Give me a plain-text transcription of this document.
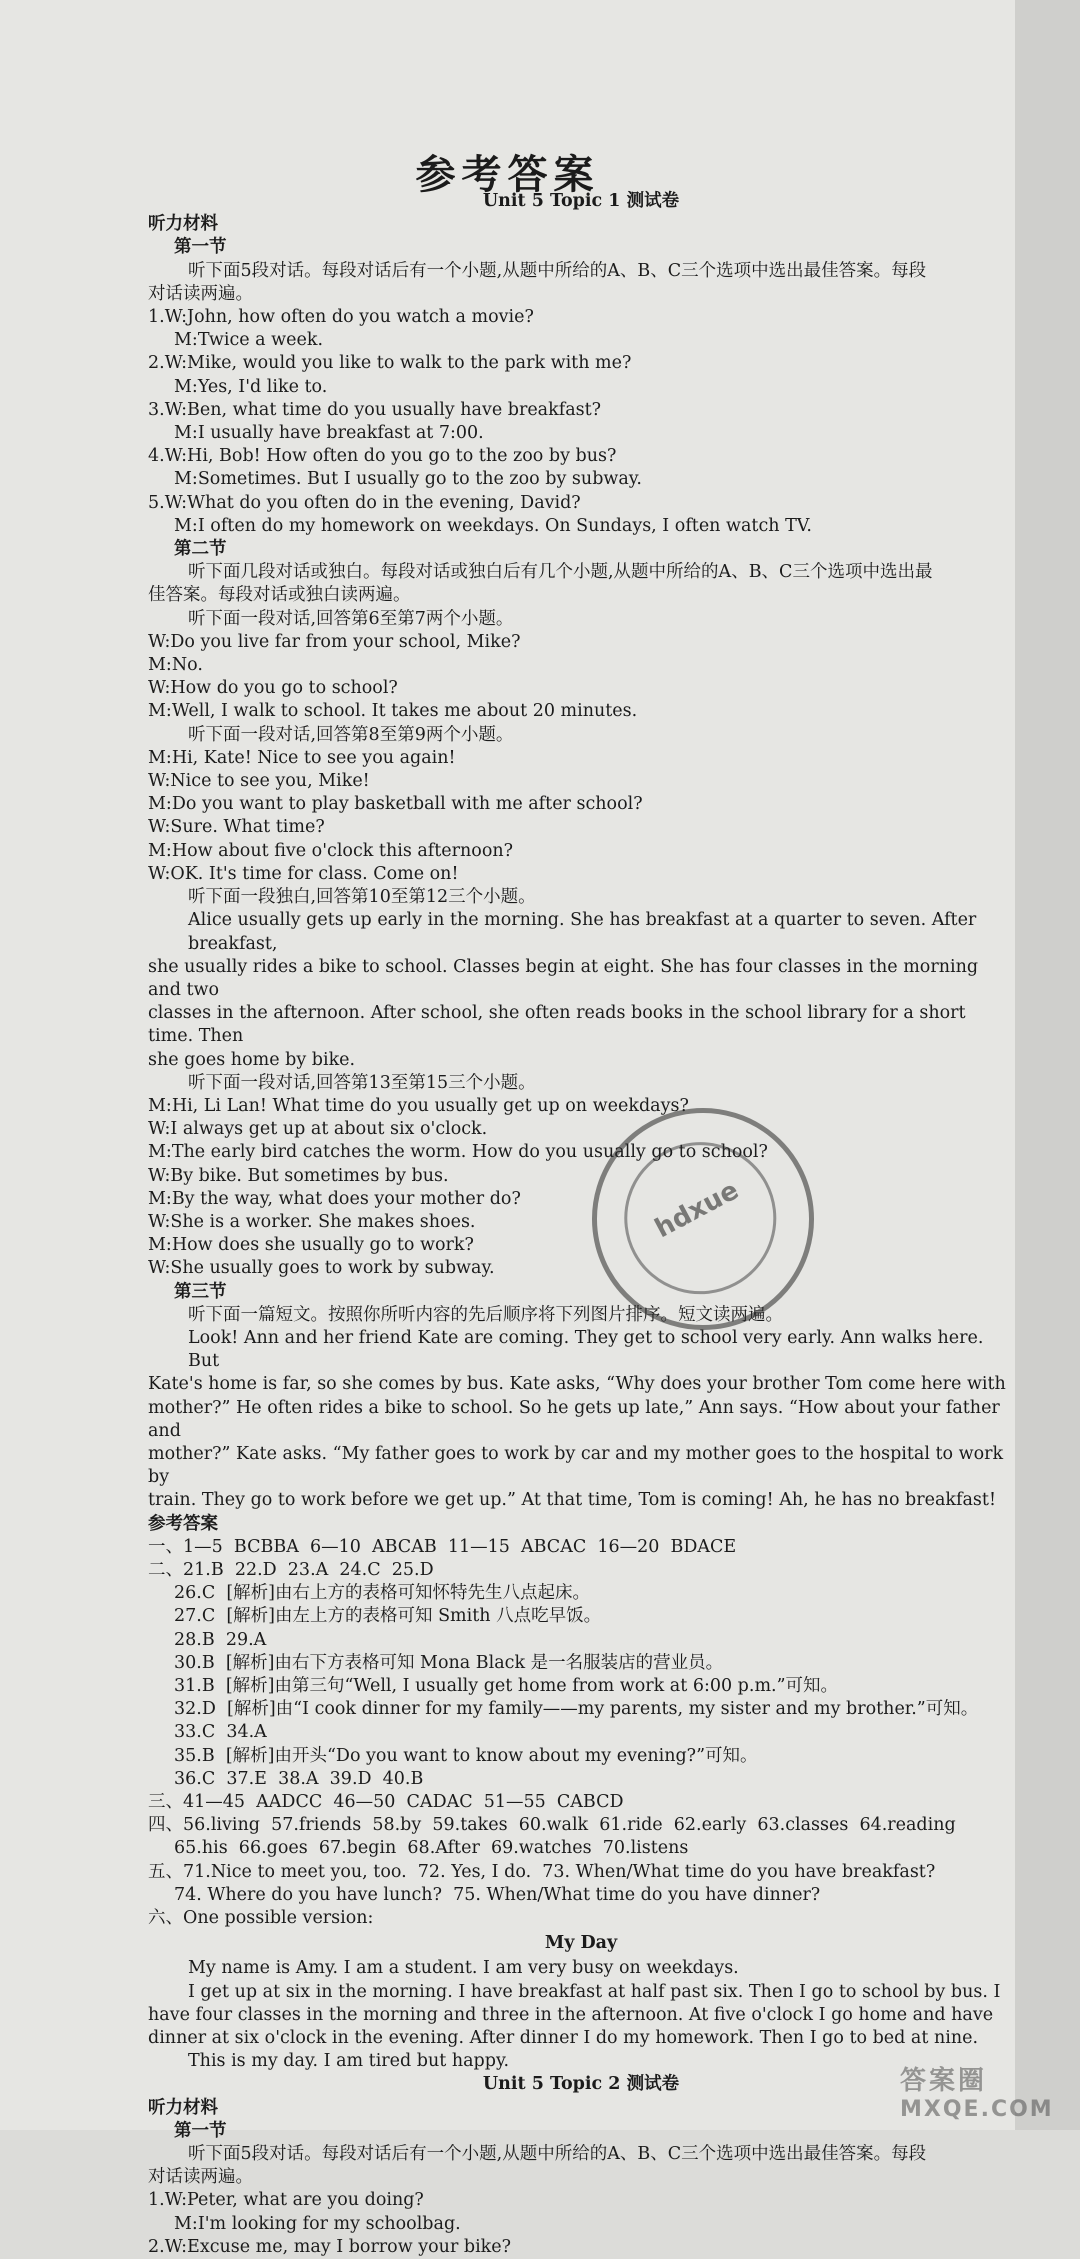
参考答案

Unit 5 Topic 1 测试卷

听力材料

第一节

听下面5段对话。每段对话后有一个小题,从题中所给的A、B、C三个选项中选出最佳答案。每段

对话读两遍。

1.W:John, how often do you watch a movie?

M:Twice a week.

2.W:Mike, would you like to walk to the park with me?

M:Yes, I'd like to.

3.W:Ben, what time do you usually have breakfast?

M:I usually have breakfast at 7:00.

4.W:Hi, Bob! How often do you go to the zoo by bus?

M:Sometimes. But I usually go to the zoo by subway.

5.W:What do you often do in the evening, David?

M:I often do my homework on weekdays. On Sundays, I often watch TV.

第二节

听下面几段对话或独白。每段对话或独白后有几个小题,从题中所给的A、B、C三个选项中选出最

佳答案。每段对话或独白读两遍。

听下面一段对话,回答第6至第7两个小题。

W:Do you live far from your school, Mike?

M:No.

W:How do you go to school?

M:Well, I walk to school. It takes me about 20 minutes.

听下面一段对话,回答第8至第9两个小题。

M:Hi, Kate! Nice to see you again!

W:Nice to see you, Mike!

M:Do you want to play basketball with me after school?

W:Sure. What time?

M:How about five o'clock this afternoon?

W:OK. It's time for class. Come on!

听下面一段独白,回答第10至第12三个小题。

Alice usually gets up early in the morning. She has breakfast at a quarter to seven. After breakfast,

she usually rides a bike to school. Classes begin at eight. She has four classes in the morning and two

classes in the afternoon. After school, she often reads books in the school library for a short time. Then

she goes home by bike.

听下面一段对话,回答第13至第15三个小题。

M:Hi, Li Lan! What time do you usually get up on weekdays?

W:I always get up at about six o'clock.

M:The early bird catches the worm. How do you usually go to school?

W:By bike. But sometimes by bus.

M:By the way, what does your mother do?

W:She is a worker. She makes shoes.

M:How does she usually go to work?

W:She usually goes to work by subway.

第三节

听下面一篇短文。按照你所听内容的先后顺序将下列图片排序。短文读两遍。

Look! Ann and her friend Kate are coming. They get to school very early. Ann walks here. But

Kate's home is far, so she comes by bus. Kate asks, “Why does your brother Tom come here with

mother?” He often rides a bike to school. So he gets up late,” Ann says. “How about your father and

mother?” Kate asks. “My father goes to work by car and my mother goes to the hospital to work by

train. They go to work before we get up.” At that time, Tom is coming! Ah, he has no breakfast!

参考答案

一、1—5  BCBBA  6—10  ABCAB  11—15  ABCAC  16—20  BDACE

二、21.B  22.D  23.A  24.C  25.D

26.C  [解析]由右上方的表格可知怀特先生八点起床。

27.C  [解析]由左上方的表格可知 Smith 八点吃早饭。

28.B  29.A

30.B  [解析]由右下方表格可知 Mona Black 是一名服装店的营业员。

31.B  [解析]由第三句“Well, I usually get home from work at 6:00 p.m.”可知。

32.D  [解析]由“I cook dinner for my family——my parents, my sister and my brother.”可知。

33.C  34.A

35.B  [解析]由开头“Do you want to know about my evening?”可知。

36.C  37.E  38.A  39.D  40.B

三、41—45  AADCC  46—50  CADAC  51—55  CABCD

四、56.living  57.friends  58.by  59.takes  60.walk  61.ride  62.early  63.classes  64.reading

65.his  66.goes  67.begin  68.After  69.watches  70.listens

五、71.Nice to meet you, too.  72. Yes, I do.  73. When/What time do you have breakfast?

74. Where do you have lunch?  75. When/What time do you have dinner?

六、One possible version:

My Day

My name is Amy. I am a student. I am very busy on weekdays.

I get up at six in the morning. I have breakfast at half past six. Then I go to school by bus. I

have four classes in the morning and three in the afternoon. At five o'clock I go home and have

dinner at six o'clock in the evening. After dinner I do my homework. Then I go to bed at nine.

This is my day. I am tired but happy.

Unit 5 Topic 2 测试卷

听力材料

第一节

听下面5段对话。每段对话后有一个小题,从题中所给的A、B、C三个选项中选出最佳答案。每段

对话读两遍。

1.W:Peter, what are you doing?

M:I'm looking for my schoolbag.

2.W:Excuse me, may I borrow your bike?

hdxue
答案圈
MXQE.COM
